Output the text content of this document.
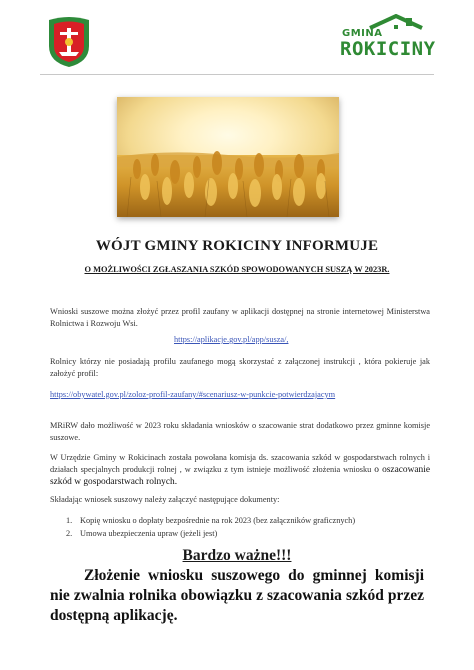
GMINA
ROKICINY
WÓJT GMINY ROKICINY INFORMUJE
O MOŻLIWOŚCI ZGŁASZANIA SZKÓD SPOWODOWANYCH SUSZĄ W 2023R.
Wnioski suszowe można złożyć przez profil zaufany w aplikacji dostępnej na stronie internetowej Ministerstwa Rolnictwa i Rozwoju Wsi.
https://aplikacje.gov.pl/app/susza/,
Rolnicy którzy nie posiadają profilu zaufanego mogą skorzystać z załączonej instrukcji , która pokieruje jak założyć profil:
https://obywatel.gov.pl/zoloz-profil-zaufany/#scenariusz-w-punkcie-potwierdzajacym
MRiRW dało możliwość w 2023 roku składania wniosków o szacowanie strat dodatkowo przez gminne komisje suszowe.
W Urzędzie Gminy w Rokicinach została powołana komisja ds. szacowania szkód w gospodarstwach rolnych i działach specjalnych produkcji rolnej , w związku z tym istnieje możliwość złożenia wniosku o oszacowanie szkód w gospodarstwach rolnych.
Składając wniosek suszowy należy załączyć następujące dokumenty:
1. Kopię wniosku o dopłaty bezpośrednie na rok 2023 (bez załączników graficznych)
2. Umowa ubezpieczenia upraw (jeżeli jest)
Bardzo ważne!!!
Złożenie wniosku suszowego do gminnej komisji nie zwalnia rolnika obowiązku z szacowania szkód przez dostępną aplikację.
